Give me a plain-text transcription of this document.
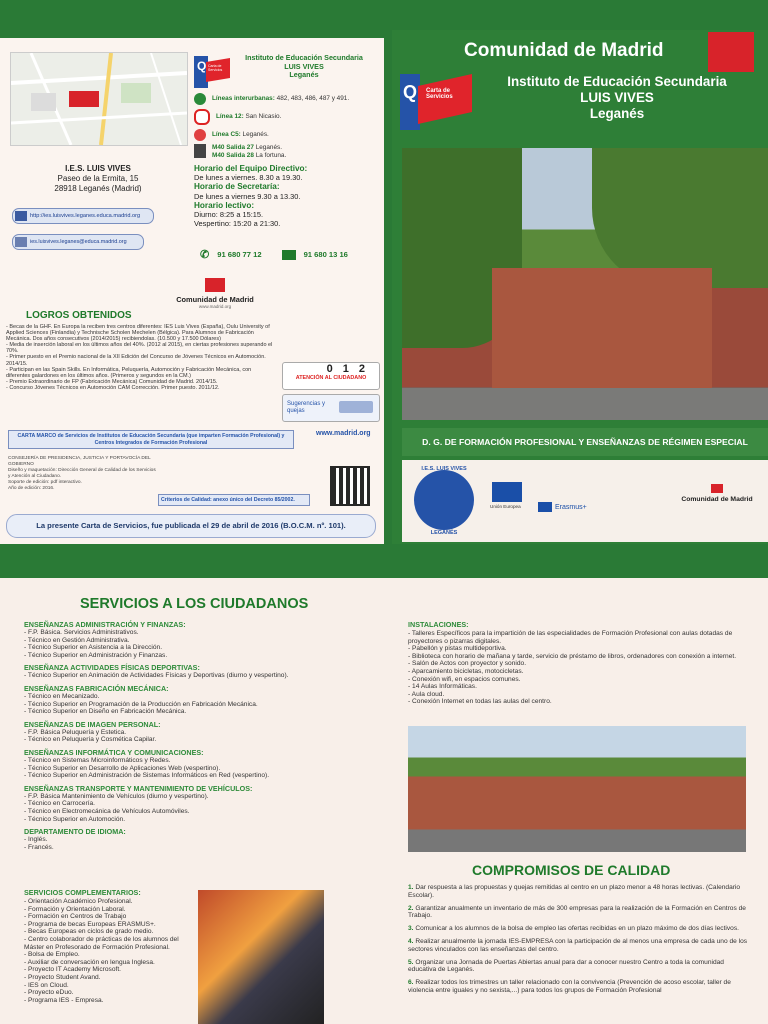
I.E.S. LUIS VIVES
Paseo de la Ermita, 15
28918 Leganés (Madrid)
http://ies.luisvives.leganes.educa.madrid.org
ies.luisvives.leganes@educa.madrid.org
Q Carta de Servicios
Instituto de Educación Secundaria
LUIS VIVES
Leganés
Líneas interurbanas: 482, 483, 486, 487 y 491.
Línea 12: San Nicasio.
Línea C5: Leganés.
M40 Salida 27 Leganés.
M40 Salida 28 La fortuna.
Horario del Equipo Directivo:
De lunes a viernes. 8.30 a 19.30.
Horario de Secretaría:
De lunes a viernes 9.30 a 13.30.
Horario lectivo:
Diurno: 8:25 a 15:15.
Vespertino: 15:20 a 21:30.
✆ 91 680 77 12	91 680 13 16
Comunidad de Madrid
www.madrid.org
LOGROS OBTENIDOS
- Becas de la GHF. En Europa la reciben tres centros diferentes: IES Luis Vives (España), Oulu University of Applied Sciences (Finlandia) y Technische Scholen Mechelen (Bélgica). Para Alumnos de Fabricación Mecánica. Dos años consecutivos (2014/2015) recibiendolas. (10.500 y 17.500 Dólares)
- Media de inserción laboral en los últimos años del 40%. (2012 al 2015), en ciertas profesiones superando el 70%.
- Primer puesto en el Premio nacional de la XII Edición del Concurso de Jóvenes Técnicos en Automoción. 2014/15.
- Participan en las Spain Skills. En Informática, Peluquería, Automoción y Fabricación Mecánica, con diferentes galardones en los últimos años. (Primeros y segundos en la CM.)
- Premio Extraordinario de FP (Fabricación Mecánica) Comunidad de Madrid. 2014/15.
- Concurso Jóvenes Técnicos en Automoción CAM Corrección. Primer puesto. 2011/12.
012
ATENCIÓN AL CIUDADANO
Sugerencias y quejas
www.madrid.org
CARTA MARCO de Servicios de Institutos de Educación Secundaria (que imparten Formación Profesional) y Centros Integrados de Formación Profesional
CONSEJERÍA DE PRESIDENCIA, JUSTICIA Y PORTAVOCÍA DEL GOBIERNO
Diseño y maquetación: Dirección General de Calidad de los Servicios y Atención al Ciudadano.
Soporte de edición: pdf interactivo.
Año de edición: 2016.
Criterios de Calidad: anexo único del Decreto 85/2002.
La presente Carta de Servicios, fue publicada el 29 de abril de 2016 (B.O.C.M. nº. 101).
Comunidad de Madrid
Q Carta de Servicios
Instituto de Educación Secundaria
LUIS VIVES
Leganés
D. G. DE FORMACIÓN PROFESIONAL Y ENSEÑANZAS DE RÉGIMEN ESPECIAL
I.E.S. LUIS VIVES
LEGANÉS
Unión Europea	Erasmus+
Comunidad de Madrid
SERVICIOS A LOS CIUDADANOS
ENSEÑANZAS ADMINISTRACIÓN Y FINANZAS:
- F.P. Básica. Servicios Administrativos.
- Técnico en Gestión Administrativa.
- Técnico Superior en Asistencia a la Dirección.
- Técnico Superior en Administración y Finanzas.
ENSEÑANZA ACTIVIDADES FÍSICAS DEPORTIVAS:
- Técnico Superior en Animación de Actividades Físicas y Deportivas (diurno y vespertino).
ENSEÑANZAS FABRICACIÓN MECÁNICA:
- Técnico en Mecanizado.
- Técnico Superior en Programación de la Producción en Fabricación Mecánica.
- Técnico Superior en Diseño en Fabricación Mecánica.
ENSEÑANZAS DE IMAGEN PERSONAL:
- F.P. Básica Peluquería y Estetica.
- Técnico en Peluquería y Cosmética Capilar.
ENSEÑANZAS INFORMÁTICA Y COMUNICACIONES:
- Técnico en Sistemas Microinformáticos y Redes.
- Técnico Superior en Desarrollo de Aplicaciones Web (vespertino).
- Técnico Superior en Administración de Sistemas Informáticos en Red (vespertino).
ENSEÑANZAS TRANSPORTE Y MANTENIMIENTO DE VEHÍCULOS:
- F.P. Básica Mantenimiento de Vehículos (diurno y vespertino).
- Técnico en Carrocería.
- Técnico en Electromecánica de Vehículos Automóviles.
- Técnico Superior en Automoción.
DEPARTAMENTO DE IDIOMA:
- Inglés.
- Francés.
SERVICIOS COMPLEMENTARIOS:
- Orientación Académico Profesional.
- Formación y Orientación Laboral.
- Formación en Centros de Trabajo
- Programa de becas Europeas ERASMUS+.
- Becas Europeas en ciclos de grado medio.
- Centro colaborador de prácticas de los alumnos del Máster en Profesorado de Formación Profesional.
- Bolsa de Empleo.
- Auxiliar de conversación en lengua Inglesa.
- Proyecto IT Academy Microsoft.
- Proyecto Student Avand.
- IES on Cloud.
- Proyecto eDuo.
- Programa IES - Empresa.
INSTALACIONES:
- Talleres Específicos para la impartición de las especialidades de Formación Profesional con aulas dotadas de proyectores o pizarras digitales.
- Pabellón y pistas multideportiva.
- Biblioteca con horario de mañana y tarde, servicio de préstamo de libros, ordenadores con conexión a internet.
- Salón de Actos con proyector y sonido.
- Aparcamiento bicicletas, motocicletas.
- Conexión wifi, en espacios comunes.
- 14 Aulas Informáticas.
- Aula cloud.
- Conexión Internet en todas las aulas del centro.
COMPROMISOS DE CALIDAD
1. Dar respuesta a las propuestas y quejas remitidas al centro en un plazo menor a 48 horas lectivas. (Calendario Escolar).
2. Garantizar anualmente un inventario de más de 300 empresas para la realización de la Formación en Centros de Trabajo.
3. Comunicar a los alumnos de la bolsa de empleo las ofertas recibidas en un plazo máximo de dos días lectivos.
4. Realizar anualmente la jornada IES-EMPRESA con la participación de al menos una empresa de cada uno de los sectores vinculados con las enseñanzas del centro.
5. Organizar una Jornada de Puertas Abiertas anual para dar a conocer nuestro Centro a toda la comunidad educativa de Leganés.
6. Realizar todos los trimestres un taller relacionado con la convivencia (Prevención de acoso escolar, taller de violencia entre iguales y no sexista,...) para todos los grupos de Formación Profesional
